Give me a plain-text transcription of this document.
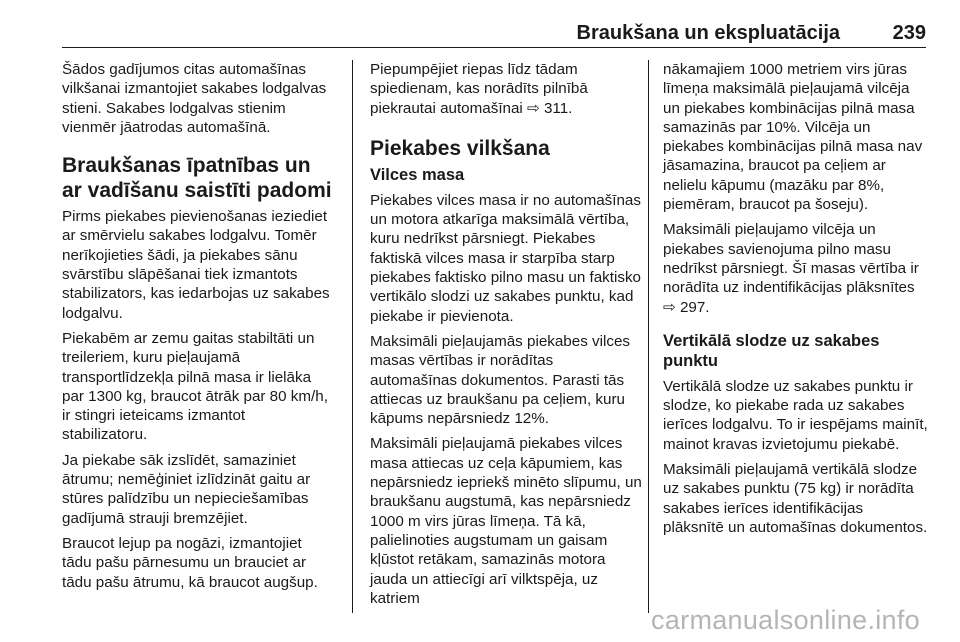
Braukšana un ekspluatācija	239

Šādos gadījumos citas automašīnas vilkšanai izmantojiet sakabes lodgalvas stieni. Sakabes lodgalvas stienim vienmēr jāatrodas automašīnā.

Braukšanas īpatnības un ar vadīšanu saistīti padomi

Pirms piekabes pievienošanas ieziediet ar smērvielu sakabes lodgalvu. Tomēr nerīkojieties šādi, ja piekabes sānu svārstību slāpēšanai tiek izmantots stabilizators, kas iedarbojas uz sakabes lodgalvu.

Piekabēm ar zemu gaitas stabiltāti un treileriem, kuru pieļaujamā transportlīdzekļa pilnā masa ir lielāka par 1300 kg, braucot ātrāk par 80 km/h, ir stingri ieteicams izmantot stabilizatoru.

Ja piekabe sāk izslīdēt, samaziniet ātrumu; nemēģiniet izlīdzināt gaitu ar stūres palīdzību un nepieciešamības gadījumā strauji bremzējiet.

Braucot lejup pa nogāzi, izmantojiet tādu pašu pārnesumu un brauciet ar tādu pašu ātrumu, kā braucot augšup.

Piepumpējiet riepas līdz tādam spiedienam, kas norādīts pilnībā piekrautai automašīnai ⇨ 311.

Piekabes vilkšana
Vilces masa

Piekabes vilces masa ir no automašīnas un motora atkarīga maksimālā vērtība, kuru nedrīkst pārsniegt. Piekabes faktiskā vilces masa ir starpība starp piekabes faktisko pilno masu un faktisko vertikālo slodzi uz sakabes punktu, kad piekabe ir pievienota.

Maksimāli pieļaujamās piekabes vilces masas vērtības ir norādītas automašīnas dokumentos. Parasti tās attiecas uz braukšanu pa ceļiem, kuru kāpums nepārsniedz 12%.

Maksimāli pieļaujamā piekabes vilces masa attiecas uz ceļa kāpumiem, kas nepārsniedz iepriekš minēto slīpumu, un braukšanu augstumā, kas nepārsniedz 1000 m virs jūras līmeņa. Tā kā, palielinoties augstumam un gaisam kļūstot retākam, samazinās motora jauda un attiecīgi arī vilktspēja, uz katriem

nākamajiem 1000 metriem virs jūras līmeņa maksimālā pieļaujamā vilcēja un piekabes kombinācijas pilnā masa samazinās par 10%. Vilcēja un piekabes kombinācijas pilnā masa nav jāsamazina, braucot pa ceļiem ar nelielu kāpumu (mazāku par 8%, piemēram, braucot pa šoseju).

Maksimāli pieļaujamo vilcēja un piekabes savienojuma pilno masu nedrīkst pārsniegt. Šī masas vērtība ir norādīta uz indentifikācijas plāksnītes ⇨ 297.

Vertikālā slodze uz sakabes punktu

Vertikālā slodze uz sakabes punktu ir slodze, ko piekabe rada uz sakabes ierīces lodgalvu. To ir iespējams mainīt, mainot kravas izvietojumu piekabē.

Maksimāli pieļaujamā vertikālā slodze uz sakabes punktu (75 kg) ir norādīta sakabes ierīces identifikācijas plāksnītē un automašīnas dokumentos.

carmanualsonline.info
